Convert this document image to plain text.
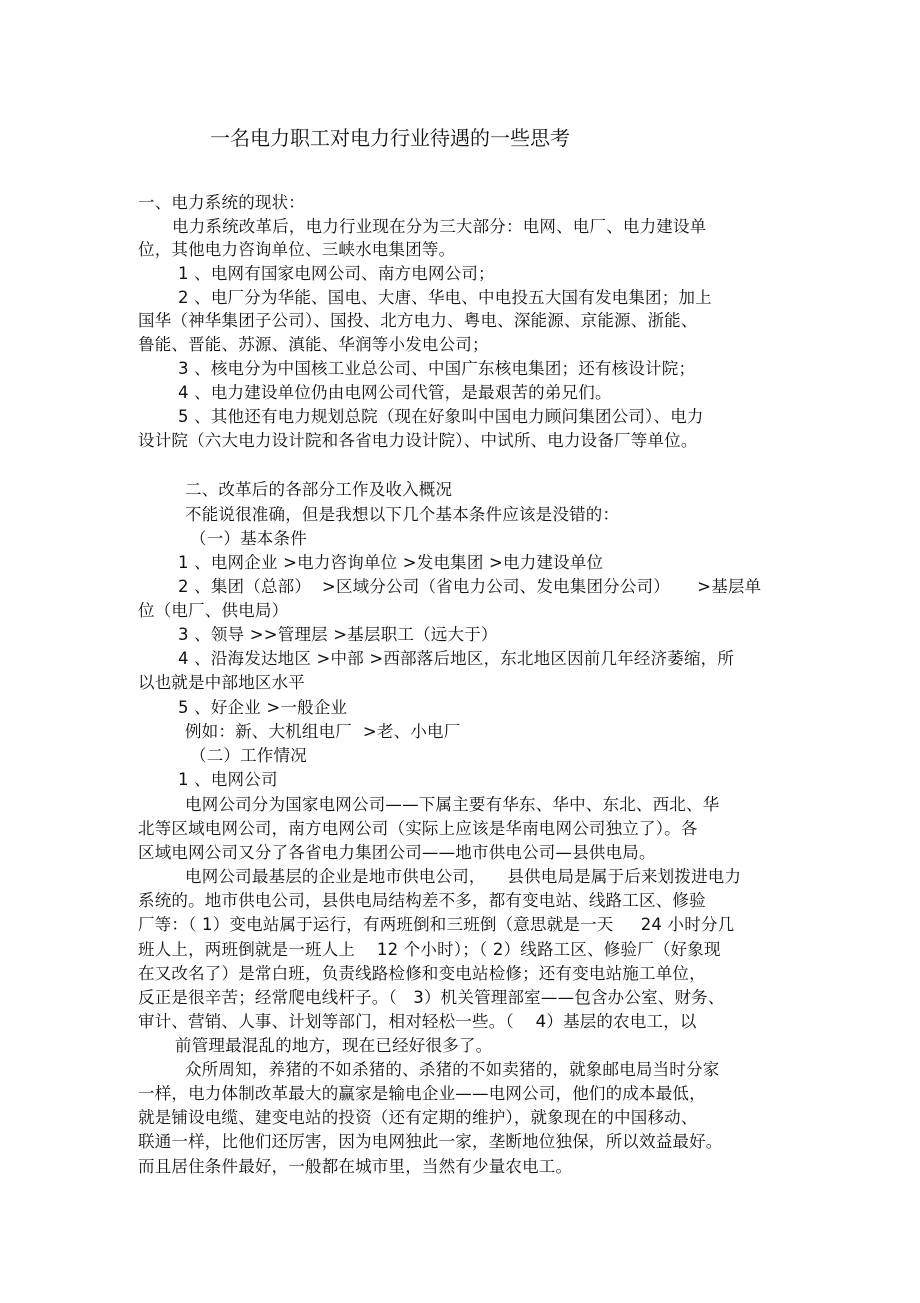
一名电力职工对电力行业待遇的一些思考
一、电力系统的现状：
电力系统改革后，电力行业现在分为三大部分：电网、电厂、电力建设单
位，其他电力咨询单位、三峡水电集团等。
1 、电网有国家电网公司、南方电网公司；
2 、电厂分为华能、国电、大唐、华电、中电投五大国有发电集团；加上
国华（神华集团子公司）、国投、北方电力、粤电、深能源、京能源、浙能、
鲁能、晋能、苏源、滇能、华润等小发电公司；
3 、核电分为中国核工业总公司、中国广东核电集团；还有核设计院；
4 、电力建设单位仍由电网公司代管，是最艰苦的弟兄们。
5 、其他还有电力规划总院（现在好象叫中国电力顾问集团公司）、电力
设计院（六大电力设计院和各省电力设计院）、中试所、电力设备厂等单位。
二、改革后的各部分工作及收入概况
不能说很准确，但是我想以下几个基本条件应该是没错的：
（一）基本条件
1 、电网企业 >电力咨询单位 >发电集团 >电力建设单位
2 、集团（总部）  >区域分公司（省电力公司、发电集团分公司）     >基层单
位（电厂、供电局）
3 、领导 >>管理层 >基层职工（远大于）
4 、沿海发达地区 >中部 >西部落后地区，东北地区因前几年经济萎缩，所
以也就是中部地区水平
5 、好企业 >一般企业
例如：新、大机组电厂  >老、小电厂
（二）工作情况
1 、电网公司
电网公司分为国家电网公司——下属主要有华东、华中、东北、西北、华
北等区域电网公司，南方电网公司（实际上应该是华南电网公司独立了）。各
区域电网公司又分了各省电力集团公司——地市供电公司—县供电局。
电网公司最基层的企业是地市供电公司，    县供电局是属于后来划拨进电力
系统的。地市供电公司，县供电局结构差不多，都有变电站、线路工区、修验
厂等：（ 1）变电站属于运行，有两班倒和三班倒（意思就是一天     24 小时分几
班人上，两班倒就是一班人上    12 个小时）；（ 2）线路工区、修验厂（好象现
在又改名了）是常白班，负责线路检修和变电站检修；还有变电站施工单位，
反正是很辛苦；经常爬电线杆子。（   3）机关管理部室——包含办公室、财务、
审计、营销、人事、计划等部门，相对轻松一些。（    4）基层的农电工，以
前管理最混乱的地方，现在已经好很多了。
众所周知，养猪的不如杀猪的、杀猪的不如卖猪的，就象邮电局当时分家
一样，电力体制改革最大的赢家是输电企业——电网公司，他们的成本最低，
就是铺设电缆、建变电站的投资（还有定期的维护），就象现在的中国移动、
联通一样，比他们还厉害，因为电网独此一家，垄断地位独保，所以效益最好。
而且居住条件最好，一般都在城市里，当然有少量农电工。
